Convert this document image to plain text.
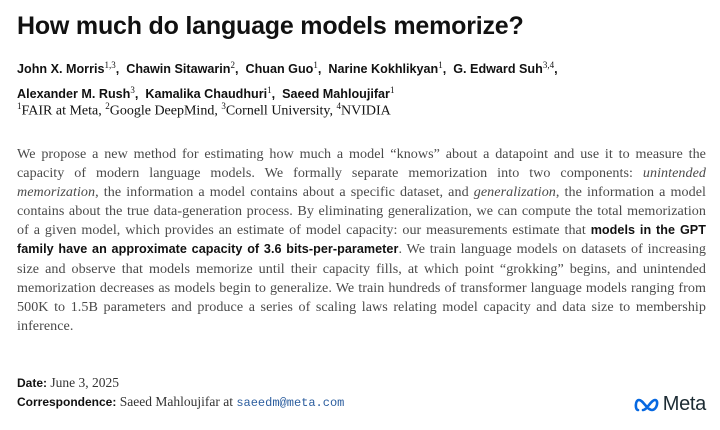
How much do language models memorize?
John X. Morris$^{1,3}$,  Chawin Sitawarin$^2$,  Chuan Guo$^1$,  Narine Kokhlikyan$^1$,  G. Edward Suh$^{3,4}$,
Alexander M. Rush$^3$,  Kamalika Chaudhuri$^1$,  Saeed Mahloujifar$^1$
$^1$FAIR at Meta, $^2$Google DeepMind, $^3$Cornell University, $^4$NVIDIA

We propose a new method for estimating how much a model “knows” about a datapoint and use it to measure the capacity of modern language models. We formally separate memorization into two components: unintended memorization, the information a model contains about a specific dataset, and generalization, the information a model contains about the true data-generation process. By eliminating generalization, we can compute the total memorization of a given model, which provides an estimate of model capacity: our measurements estimate that models in the GPT family have an approximate capacity of 3.6 bits-per-parameter. We train language models on datasets of increasing size and observe that models memorize until their capacity fills, at which point “grokking” begins, and unintended memorization decreases as models begin to generalize. We train hundreds of transformer language models ranging from 500K to 1.5B parameters and produce a series of scaling laws relating model capacity and data size to membership inference.

Date: June 3, 2025
Correspondence: Saeed Mahloujifar at saeedm@meta.com	Meta
